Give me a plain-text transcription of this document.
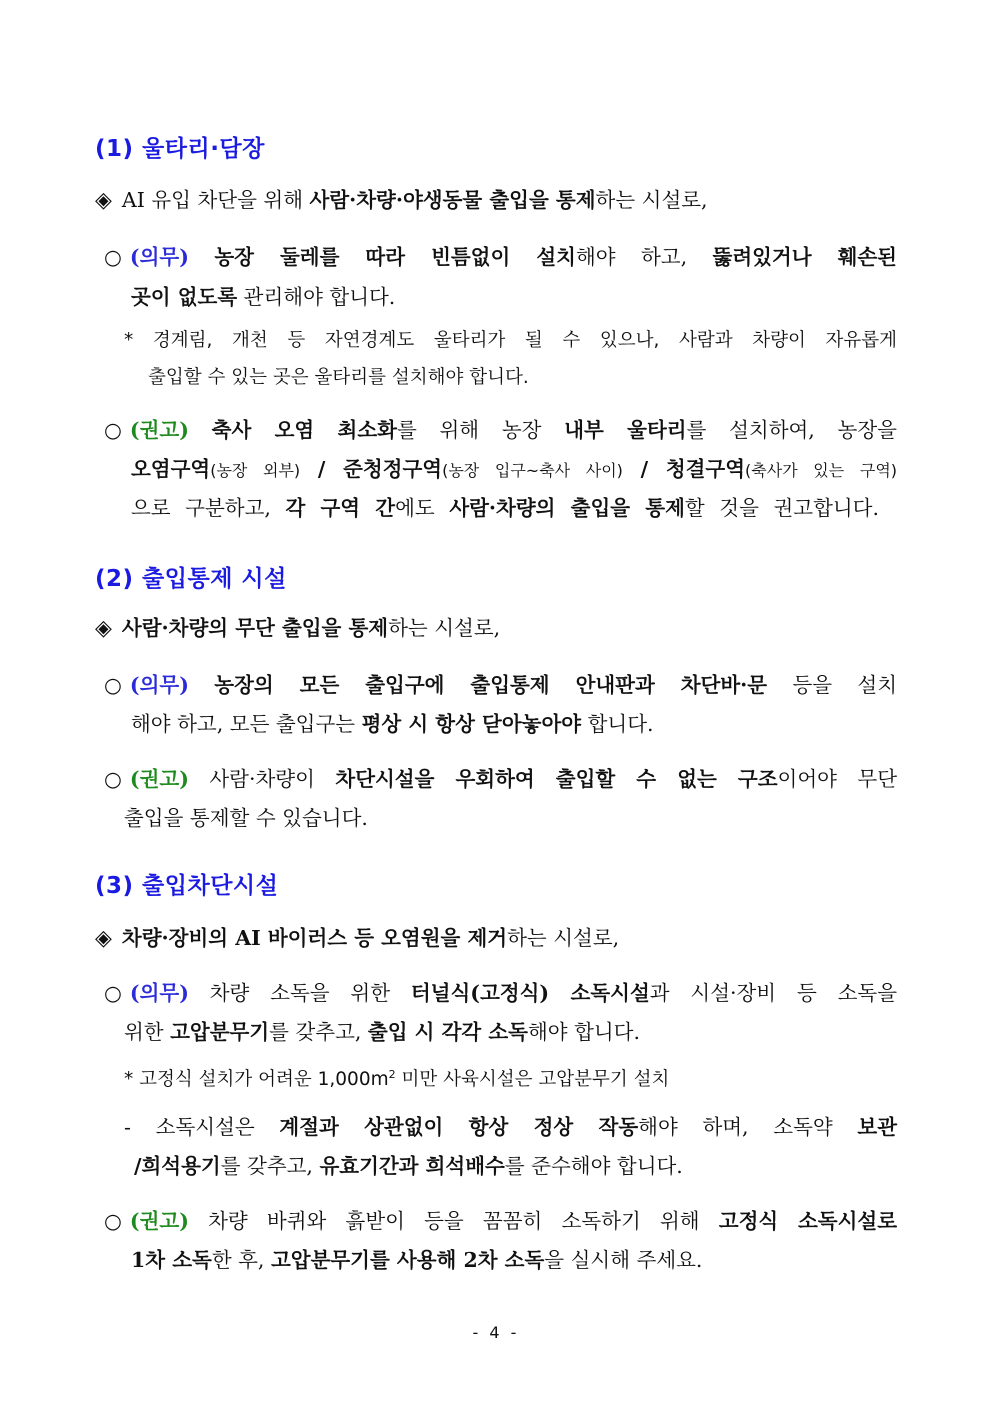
(1) 울타리·담장
◈ AI 유입 차단을 위해 사람·차량·야생동물 출입을 통제하는 시설로,
○ (의무) 농장 둘레를 따라 빈틈없이 설치해야 하고, 뚫려있거나 훼손된
곳이 없도록 관리해야 합니다.
* 경계림, 개천 등 자연경계도 울타리가 될 수 있으나, 사람과 차량이 자유롭게
출입할 수 있는 곳은 울타리를 설치해야 합니다.
○ (권고) 축사 오염 최소화를 위해 농장 내부 울타리를 설치하여, 농장을
오염구역(농장 외부) / 준청정구역(농장 입구~축사 사이) / 청결구역(축사가 있는 구역)
으로 구분하고, 각 구역 간에도 사람·차량의 출입을 통제할 것을 권고합니다.
(2) 출입통제 시설
◈ 사람·차량의 무단 출입을 통제하는 시설로,
○ (의무) 농장의 모든 출입구에 출입통제 안내판과 차단바·문 등을 설치
해야 하고, 모든 출입구는 평상 시 항상 닫아놓아야 합니다.
○ (권고) 사람·차량이 차단시설을 우회하여 출입할 수 없는 구조이어야 무단
출입을 통제할 수 있습니다.
(3) 출입차단시설
◈ 차량·장비의 AI 바이러스 등 오염원을 제거하는 시설로,
○ (의무) 차량 소독을 위한 터널식(고정식) 소독시설과 시설·장비 등 소독을
위한 고압분무기를 갖추고, 출입 시 각각 소독해야 합니다.
* 고정식 설치가 어려운 $1,000m^2$ 미만 사육시설은 고압분무기 설치
- 소독시설은 계절과 상관없이 항상 정상 작동해야 하며, 소독약 보관
/희석용기를 갖추고, 유효기간과 희석배수를 준수해야 합니다.
○ (권고) 차량 바퀴와 흙받이 등을 꼼꼼히 소독하기 위해 고정식 소독시설로
1차 소독한 후, 고압분무기를 사용해 2차 소독을 실시해 주세요.
- 4 -
